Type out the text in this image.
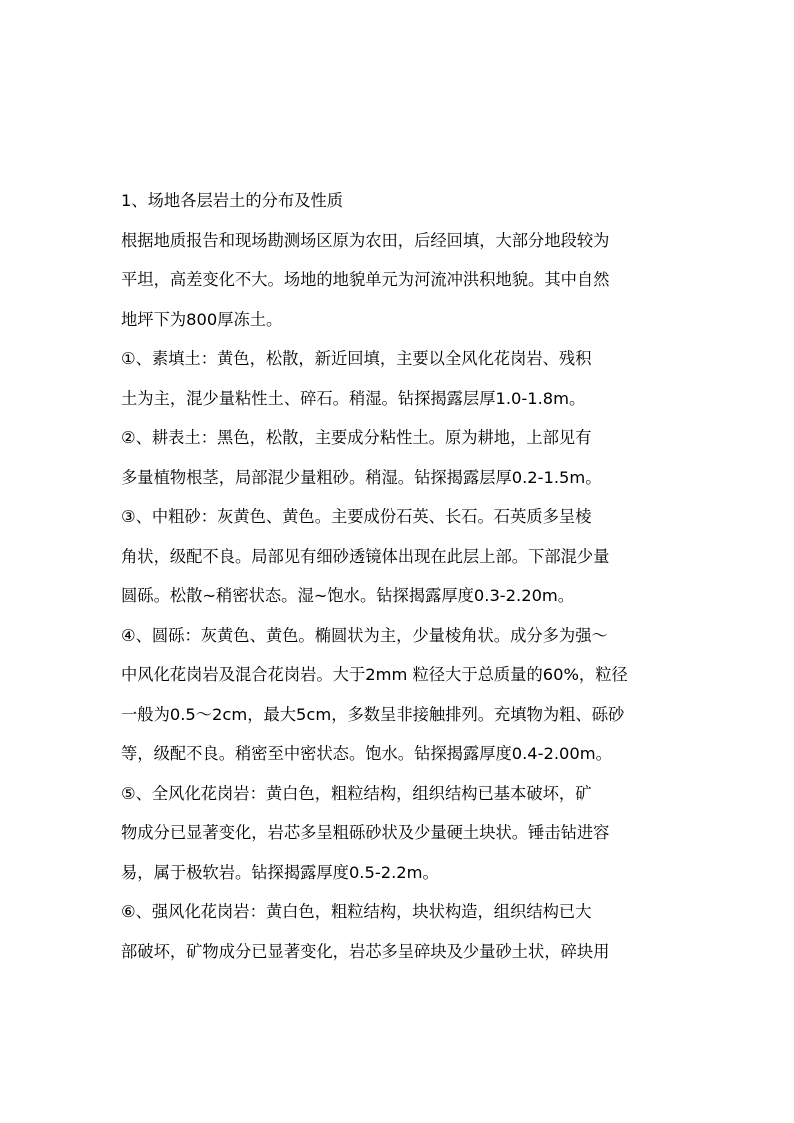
1、场地各层岩土的分布及性质
根据地质报告和现场勘测场区原为农田，后经回填，大部分地段较为
平坦，高差变化不大。场地的地貌单元为河流冲洪积地貌。其中自然
地坪下为800厚冻土。
①、素填土：黄色，松散，新近回填，主要以全风化花岗岩、残积
土为主，混少量粘性土、碎石。稍湿。钻探揭露层厚1.0-1.8m。
②、耕表土：黑色，松散，主要成分粘性土。原为耕地，上部见有
多量植物根茎，局部混少量粗砂。稍湿。钻探揭露层厚0.2-1.5m。
③、中粗砂：灰黄色、黄色。主要成份石英、长石。石英质多呈棱
角状，级配不良。局部见有细砂透镜体出现在此层上部。下部混少量
圆砾。松散~稍密状态。湿~饱水。钻探揭露厚度0.3-2.20m。
④、圆砾：灰黄色、黄色。椭圆状为主，少量棱角状。成分多为强～
中风化花岗岩及混合花岗岩。大于2mm 粒径大于总质量的60%，粒径
一般为0.5～2cm，最大5cm，多数呈非接触排列。充填物为粗、砾砂
等，级配不良。稍密至中密状态。饱水。钻探揭露厚度0.4-2.00m。
⑤、全风化花岗岩：黄白色，粗粒结构，组织结构已基本破坏，矿
物成分已显著变化，岩芯多呈粗砾砂状及少量硬土块状。锤击钻进容
易，属于极软岩。钻探揭露厚度0.5-2.2m。
⑥、强风化花岗岩：黄白色，粗粒结构，块状构造，组织结构已大
部破坏，矿物成分已显著变化，岩芯多呈碎块及少量砂土状，碎块用
